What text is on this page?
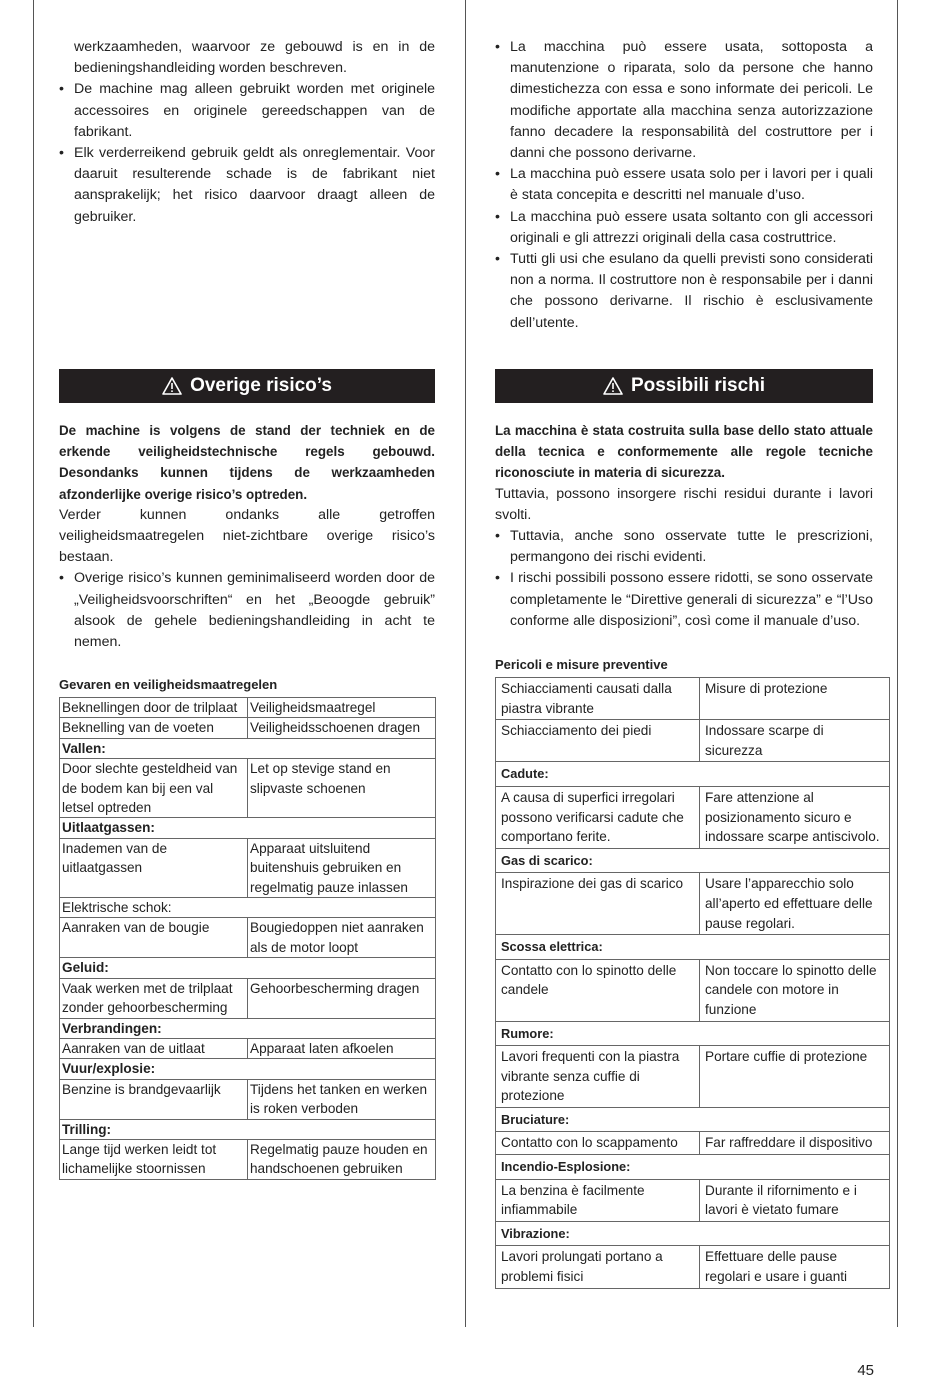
werkzaamheden, waarvoor ze gebouwd is en in de bedieningshandleiding worden beschreven.

• De machine mag alleen gebruikt worden met originele accessoires en originele gereedschappen van de fabrikant.
• Elk verderreikend gebruik geldt als onreglementair. Voor daaruit resulterende schade is de fabrikant niet aansprakelijk; het risico daarvoor draagt alleen de gebruiker.
Overige risico’s

De machine is volgens de stand der techniek en de erkende veiligheidstechnische regels gebouwd. Desondanks kunnen tijdens de werkzaamheden afzonderlijke overige risico’s optreden.

Verder kunnen ondanks alle getroffen veiligheidsmaatregelen niet-zichtbare overige risico’s bestaan.

• Overige risico’s kunnen geminimaliseerd worden door de „Veiligheidsvoorschriften“ en het „Beoogde gebruik” alsook de gehele bedieningshandleiding in acht te nemen.
Gevaren en veiligheidsmaatregelen
Beknellingen door de trilplaat	Veiligheidsmaatregel
Beknelling van de voeten	Veiligheidsschoenen dragen
Vallen:	
Door slechte gesteldheid van de bodem kan bij een val letsel optreden	Let op stevige stand en slipvaste schoenen
Uitlaatgassen:	
Inademen van de uitlaatgassen	Apparaat uitsluitend buitenshuis gebruiken en regelmatig pauze inlassen
Elektrische schok:	
Aanraken van de bougie	Bougiedoppen niet aanraken als de motor loopt
Geluid:	
Vaak werken met de trilplaat zonder gehoorbescherming	Gehoorbescherming dragen
Verbrandingen:	
Aanraken van de uitlaat	Apparaat laten afkoelen
Vuur/explosie:	
Benzine is brandgevaarlijk	Tijdens het tanken en werken is roken verboden
Trilling:	
Lange tijd werken leidt tot lichamelijke stoornissen	Regelmatig pauze houden en handschoenen gebruiken
• La macchina può essere usata, sottoposta a manutenzione o riparata, solo da persone che hanno dimestichezza con essa e sono informate dei pericoli. Le modifiche apportate alla macchina senza autorizzazione fanno decadere la responsabilità del costruttore per i danni che possono derivarne.
• La macchina può essere usata solo per i lavori per i quali è stata concepita e descritti nel manuale d’uso.
• La macchina può essere usata soltanto con gli accessori originali e gli attrezzi originali della casa costruttrice.
• Tutti gli usi che esulano da quelli previsti sono considerati non a norma. Il costruttore non è responsabile per i danni che possono derivarne. Il rischio è esclusivamente dell’utente.
Possibili rischi

La macchina è stata costruita sulla base dello stato attuale della tecnica e conformemente alle regole tecniche riconosciute in materia di sicurezza.

Tuttavia, possono insorgere rischi residui durante i lavori svolti.

• Tuttavia, anche sono osservate tutte le prescrizioni, permangono dei rischi evidenti.
• I rischi possibili possono essere ridotti, se sono osservate completamente le “Direttive generali di sicurezza” e “l’Uso conforme alle disposizioni”, così come il manuale d’uso.
Pericoli e misure preventive
Schiacciamenti causati dalla piastra vibrante	Misure di protezione
Schiacciamento dei piedi	Indossare scarpe di sicurezza
Cadute:	
A causa di superfici irregolari possono verificarsi cadute che comportano ferite.	Fare attenzione al posizionamento sicuro e indossare scarpe antiscivolo.
Gas di scarico:	
Inspirazione dei gas di scarico	Usare l’apparecchio solo all’aperto ed effettuare delle pause regolari.
Scossa elettrica:	
Contatto con lo spinotto delle candele	Non toccare lo spinotto delle candele con motore in funzione
Rumore:	
Lavori frequenti con la piastra vibrante senza cuffie di protezione	Portare cuffie di protezione
Bruciature:	
Contatto con lo scappamento	Far raffreddare il dispositivo
Incendio-Esplosione:	
La benzina è facilmente infiammabile	Durante il rifornimento e i lavori è vietato fumare
Vibrazione:	
Lavori prolungati portano a problemi fisici	Effettuare delle pause regolari e usare i guanti
45
